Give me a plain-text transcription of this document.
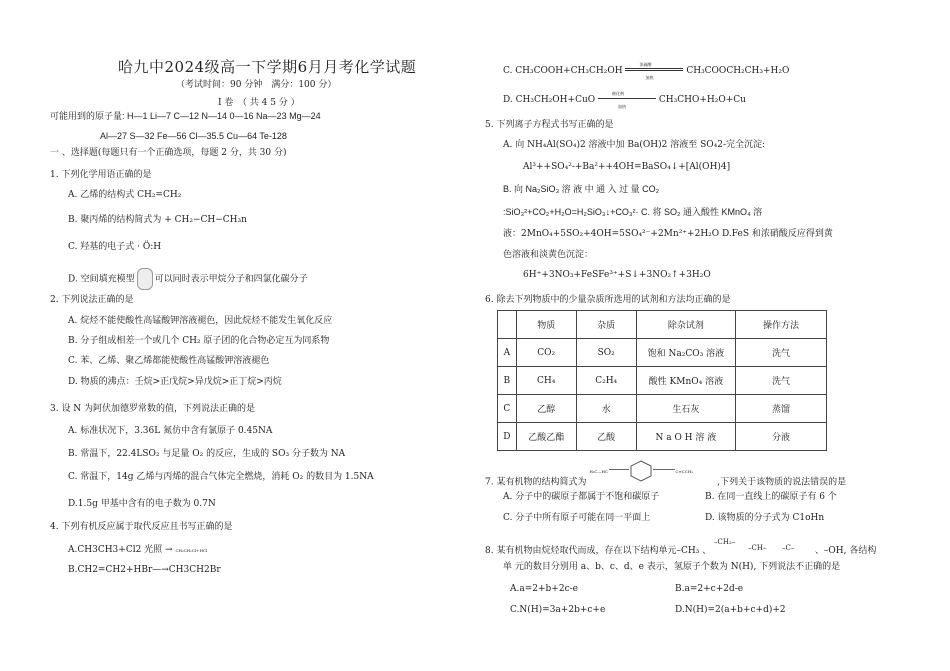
哈九中2024级高一下学期6月月考化学试题
（考试时间：90 分钟　满分：100 分）
I 卷　（ 共 4 5 分 ）
可能用到的原子量: H—1 Li—7 C—12 N—14 0—16 Na—23 Mg—24
Al—27 S—32 Fe—56 Cl—35.5 Cu—64 Te-128
一 、选择题(每题只有一个正确选项，每题 2 分，共 30 分)
1. 下列化学用语正确的是
A. 乙烯的结构式 CH₂=CH₂
B. 聚丙烯的结构简式为 + CH₂−CH−CH₃n
C. 羟基的电子式 · Ö:H
D. 空间填充模型 可以同时表示甲烷分子和四氯化碳分子
2. 下列说法正确的是
A. 烷烃不能使酸性高锰酸钾溶液褪色，因此烷烃不能发生氧化反应
B. 分子组成相差一个或几个 CH₂ 原子团的化合物必定互为同系物
C. 苯、乙烯、聚乙烯都能使酸性高锰酸钾溶液褪色
D. 物质的沸点：壬烷>正戊烷>异戊烷>正丁烷>丙烷
3. 设 N 为阿伏加德罗常数的值，下列说法正确的是
A. 标准状况下，3.36L 氮仿中含有氯原子 0.45NA
B. 常温下，22.4LSO₂ 与足量 O₂ 的反应，生成的 SO₃ 分子数为 NA
C. 常温下，14g 乙烯与丙烯的混合气体完全燃烧，消耗 O₂ 的数目为 1.5NA
D.1.5g 甲基中含有的电子数为 0.7N
4. 下列有机反应属于取代反应且书写正确的是
A.CH3CH3+Cl2 光照 → CH₃CH₂Cl+HCl
B.CH2=CH2+HBr—→CH3CH2Br
C. CH₃COOH+CH₃CH₂OH
浓硫酸
加热
CH₃COOCH₂CH₃+H₂O
D. CH₃CH₂OH+CuO
催化剂
加热
CH₃CHO+H₂O+Cu
5. 下列离子方程式书写正确的是
A. 向 NH₄Al(SO₄)2 溶液中加 Ba(OH)2 溶液至 SO₄2-完全沉淀:
Al³++SO₄²-+Ba²++4OH=BaSO₄↓+[Al(OH)4]
B. 向 Na₂SiO₃ 溶 液 中 通 入 过 量 CO₂
:SiO₃²+CO₂+H₂O=H₂SiO₃↓+CO₃²· C. 将 SO₂ 通入酸性 KMnO₄ 溶
液：2MnO₄+5SO₂+4OH=5SO₄²⁻+2Mn²⁺+2H₂O D.FeS 和浓硝酸反应得到黄
色溶液和淡黄色沉淀：
6H⁺+3NO₃+FeSFe³⁺+S↓+3NO₂↑+3H₂O
6. 除去下列物质中的少量杂质所选用的试剂和方法均正确的是
	物质	杂质	除杂试剂	操作方法
A	CO₂	SO₂	饱和 Na₂CO₃ 溶液	洗气
B	CH₄	C₂H₄	酸性 KMnO₄ 溶液	洗气
C	乙醇	水	生石灰	蒸馏
D	乙酸乙酯	乙酸	N a O H 溶 液	分液
7. 某有机物的结构简式为
H₃C—HC	C≡CCH₃
,下列关于该物质的说法错误的是
A. 分子中的碳原子都属于不饱和碳原子	B. 在同一直线上的碳原子有 6 个
C. 分子中所有原子可能在同一平面上	D. 该物质的分子式为 C1oHn
8. 某有机物由烷烃取代而成，存在以下结构单元–CH₃ 、
–CH₂–
–CH– –C– 、–OH, 各结构
单 元的数目分别用 a、b、c、d、e 表示，氢原子个数为 N(H), 下列说法不正确的是
A.a=2+b+2c-e	B.a=2+c+2d-e
C.N(H)=3a+2b+c+e	D.N(H)=2(a+b+c+d)+2
